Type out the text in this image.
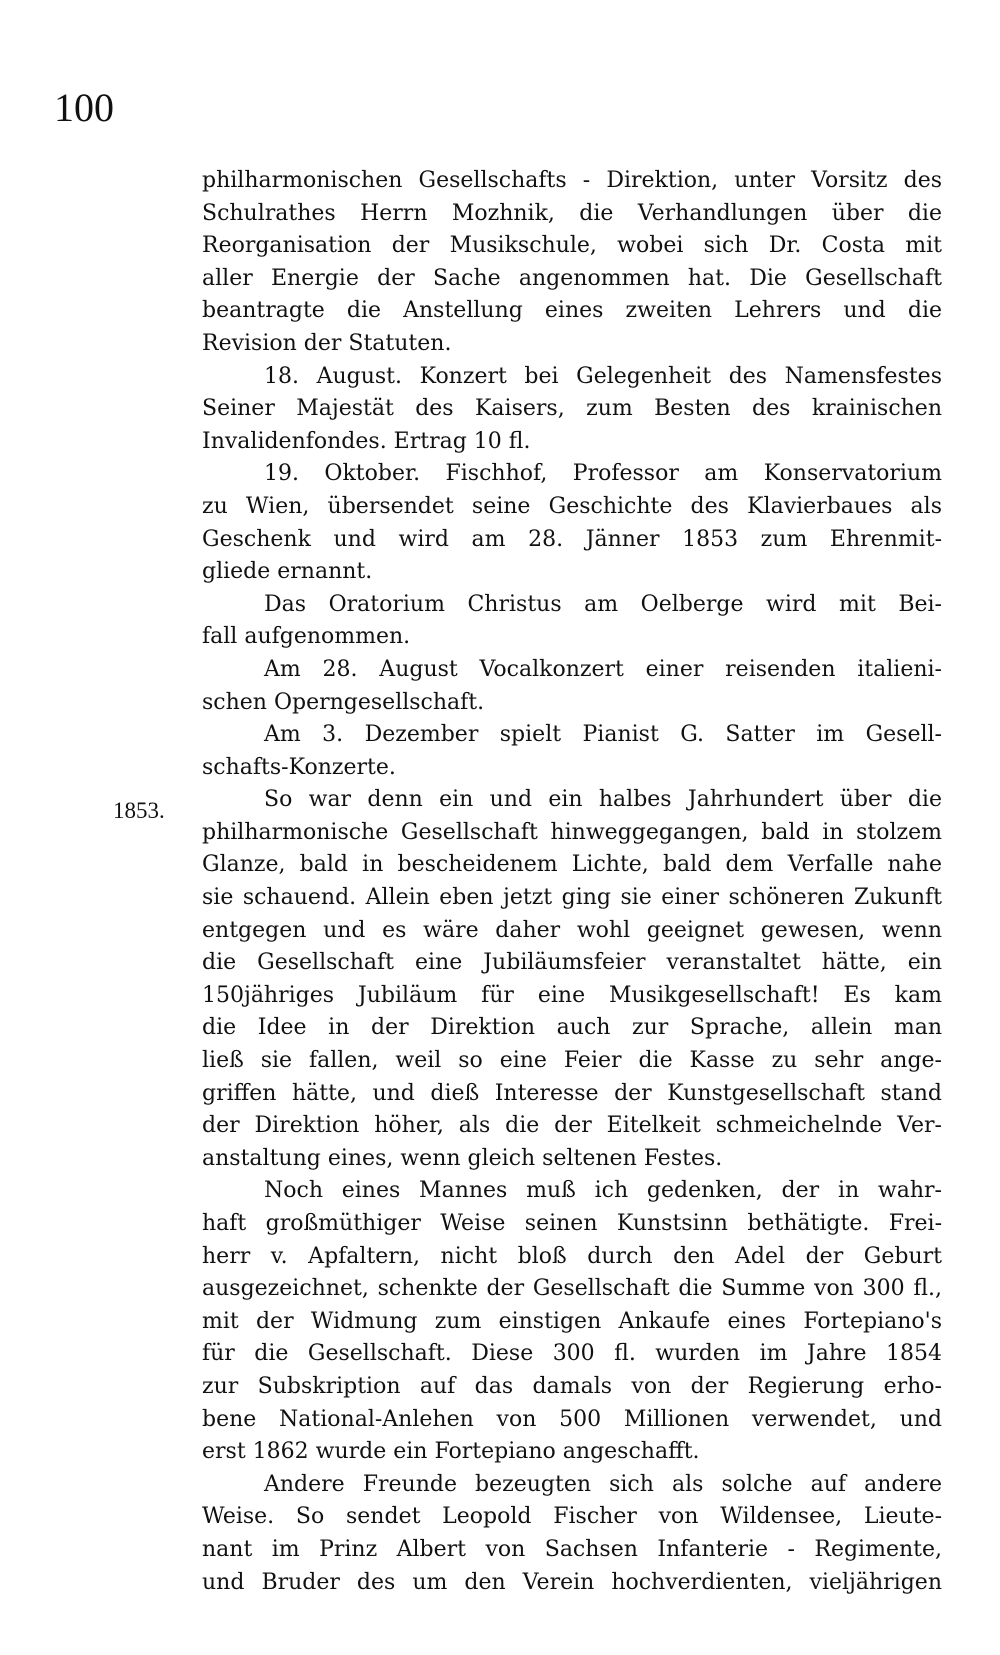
100
1853.
philharmonischen Gesellschafts - Direktion, unter Vorsitz des
Schulrathes Herrn Mozhnik, die Verhandlungen über die
Reorganisation der Musikschule, wobei sich Dr. Costa mit
aller Energie der Sache angenommen hat. Die Gesellschaft
beantragte die Anstellung eines zweiten Lehrers und die
Revision der Statuten.
18. August. Konzert bei Gelegenheit des Namensfestes
Seiner Majestät des Kaisers, zum Besten des krainischen
Invalidenfondes. Ertrag 10 fl.
19. Oktober. Fischhof, Professor am Konservatorium
zu Wien, übersendet seine Geschichte des Klavierbaues als
Geschenk und wird am 28. Jänner 1853 zum Ehrenmit-
gliede ernannt.
Das Oratorium Christus am Oelberge wird mit Bei-
fall aufgenommen.
Am 28. August Vocalkonzert einer reisenden italieni-
schen Operngesellschaft.
Am 3. Dezember spielt Pianist G. Satter im Gesell-
schafts-Konzerte.
So war denn ein und ein halbes Jahrhundert über die
philharmonische Gesellschaft hinweggegangen, bald in stolzem
Glanze, bald in bescheidenem Lichte, bald dem Verfalle nahe
sie schauend. Allein eben jetzt ging sie einer schöneren Zukunft
entgegen und es wäre daher wohl geeignet gewesen, wenn
die Gesellschaft eine Jubiläumsfeier veranstaltet hätte, ein
150jähriges Jubiläum für eine Musikgesellschaft! Es kam
die Idee in der Direktion auch zur Sprache, allein man
ließ sie fallen, weil so eine Feier die Kasse zu sehr ange-
griffen hätte, und dieß Interesse der Kunstgesellschaft stand
der Direktion höher, als die der Eitelkeit schmeichelnde Ver-
anstaltung eines, wenn gleich seltenen Festes.
Noch eines Mannes muß ich gedenken, der in wahr-
haft großmüthiger Weise seinen Kunstsinn bethätigte. Frei-
herr v. Apfaltern, nicht bloß durch den Adel der Geburt
ausgezeichnet, schenkte der Gesellschaft die Summe von 300 fl.,
mit der Widmung zum einstigen Ankaufe eines Fortepiano's
für die Gesellschaft. Diese 300 fl. wurden im Jahre 1854
zur Subskription auf das damals von der Regierung erho-
bene National-Anlehen von 500 Millionen verwendet, und
erst 1862 wurde ein Fortepiano angeschafft.
Andere Freunde bezeugten sich als solche auf andere
Weise. So sendet Leopold Fischer von Wildensee, Lieute-
nant im Prinz Albert von Sachsen Infanterie - Regimente,
und Bruder des um den Verein hochverdienten, vieljährigen
